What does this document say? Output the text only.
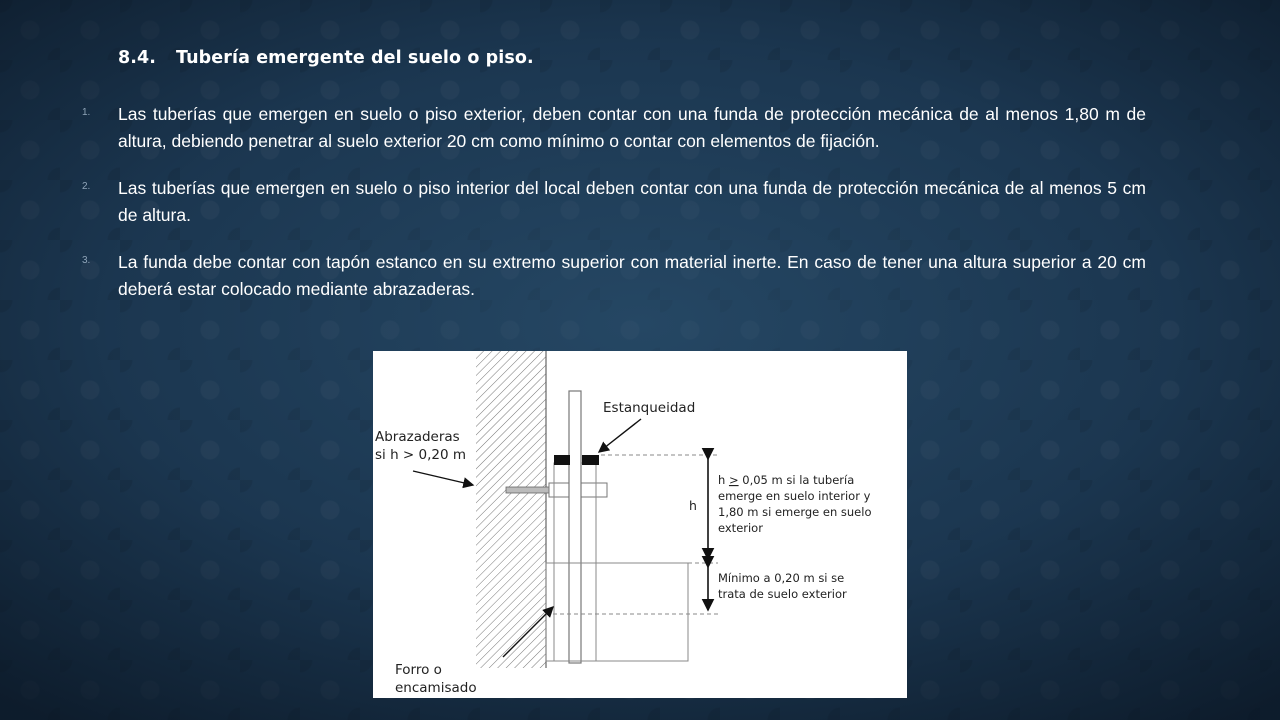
8.4. Tubería emergente del suelo o piso.
1. Las tuberías que emergen en suelo o piso exterior, deben contar con una funda de protección mecánica de al menos 1,80 m de altura, debiendo penetrar al suelo exterior 20 cm como mínimo o contar con elementos de fijación.
2. Las tuberías que emergen en suelo o piso interior del local deben contar con una funda de protección mecánica de al menos 5 cm de altura.
3. La funda debe contar con tapón estanco en su extremo superior con material inerte. En caso de tener una altura superior a 20 cm deberá estar colocado mediante abrazaderas.
Estanqueidad
Abrazaderas
si h > 0,20 m
h
h > 0,05 m si la tubería
emerge en suelo interior y
1,80 m si emerge en suelo
exterior
Mínimo a 0,20 m si se
trata de suelo exterior
Forro o
encamisado
